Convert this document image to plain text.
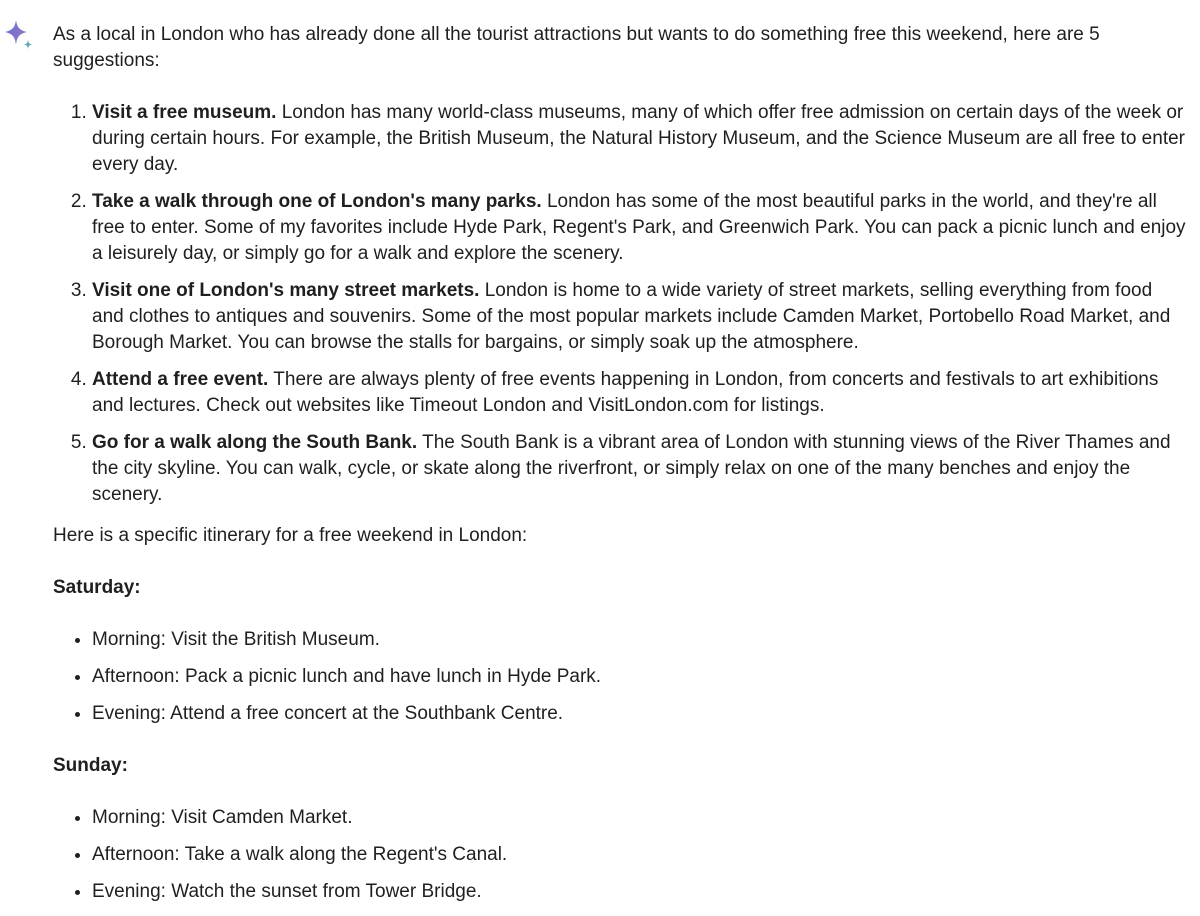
As a local in London who has already done all the tourist attractions but wants to do something free this weekend, here are 5 suggestions:

1. Visit a free museum. London has many world-class museums, many of which offer free admission on certain days of the week or during certain hours. For example, the British Museum, the Natural History Museum, and the Science Museum are all free to enter every day.
2. Take a walk through one of London's many parks. London has some of the most beautiful parks in the world, and they're all free to enter. Some of my favorites include Hyde Park, Regent's Park, and Greenwich Park. You can pack a picnic lunch and enjoy a leisurely day, or simply go for a walk and explore the scenery.
3. Visit one of London's many street markets. London is home to a wide variety of street markets, selling everything from food and clothes to antiques and souvenirs. Some of the most popular markets include Camden Market, Portobello Road Market, and Borough Market. You can browse the stalls for bargains, or simply soak up the atmosphere.
4. Attend a free event. There are always plenty of free events happening in London, from concerts and festivals to art exhibitions and lectures. Check out websites like Timeout London and VisitLondon.com for listings.
5. Go for a walk along the South Bank. The South Bank is a vibrant area of London with stunning views of the River Thames and the city skyline. You can walk, cycle, or skate along the riverfront, or simply relax on one of the many benches and enjoy the scenery.

Here is a specific itinerary for a free weekend in London:

Saturday:

• Morning: Visit the British Museum.
• Afternoon: Pack a picnic lunch and have lunch in Hyde Park.
• Evening: Attend a free concert at the Southbank Centre.

Sunday:

• Morning: Visit Camden Market.
• Afternoon: Take a walk along the Regent's Canal.
• Evening: Watch the sunset from Tower Bridge.
